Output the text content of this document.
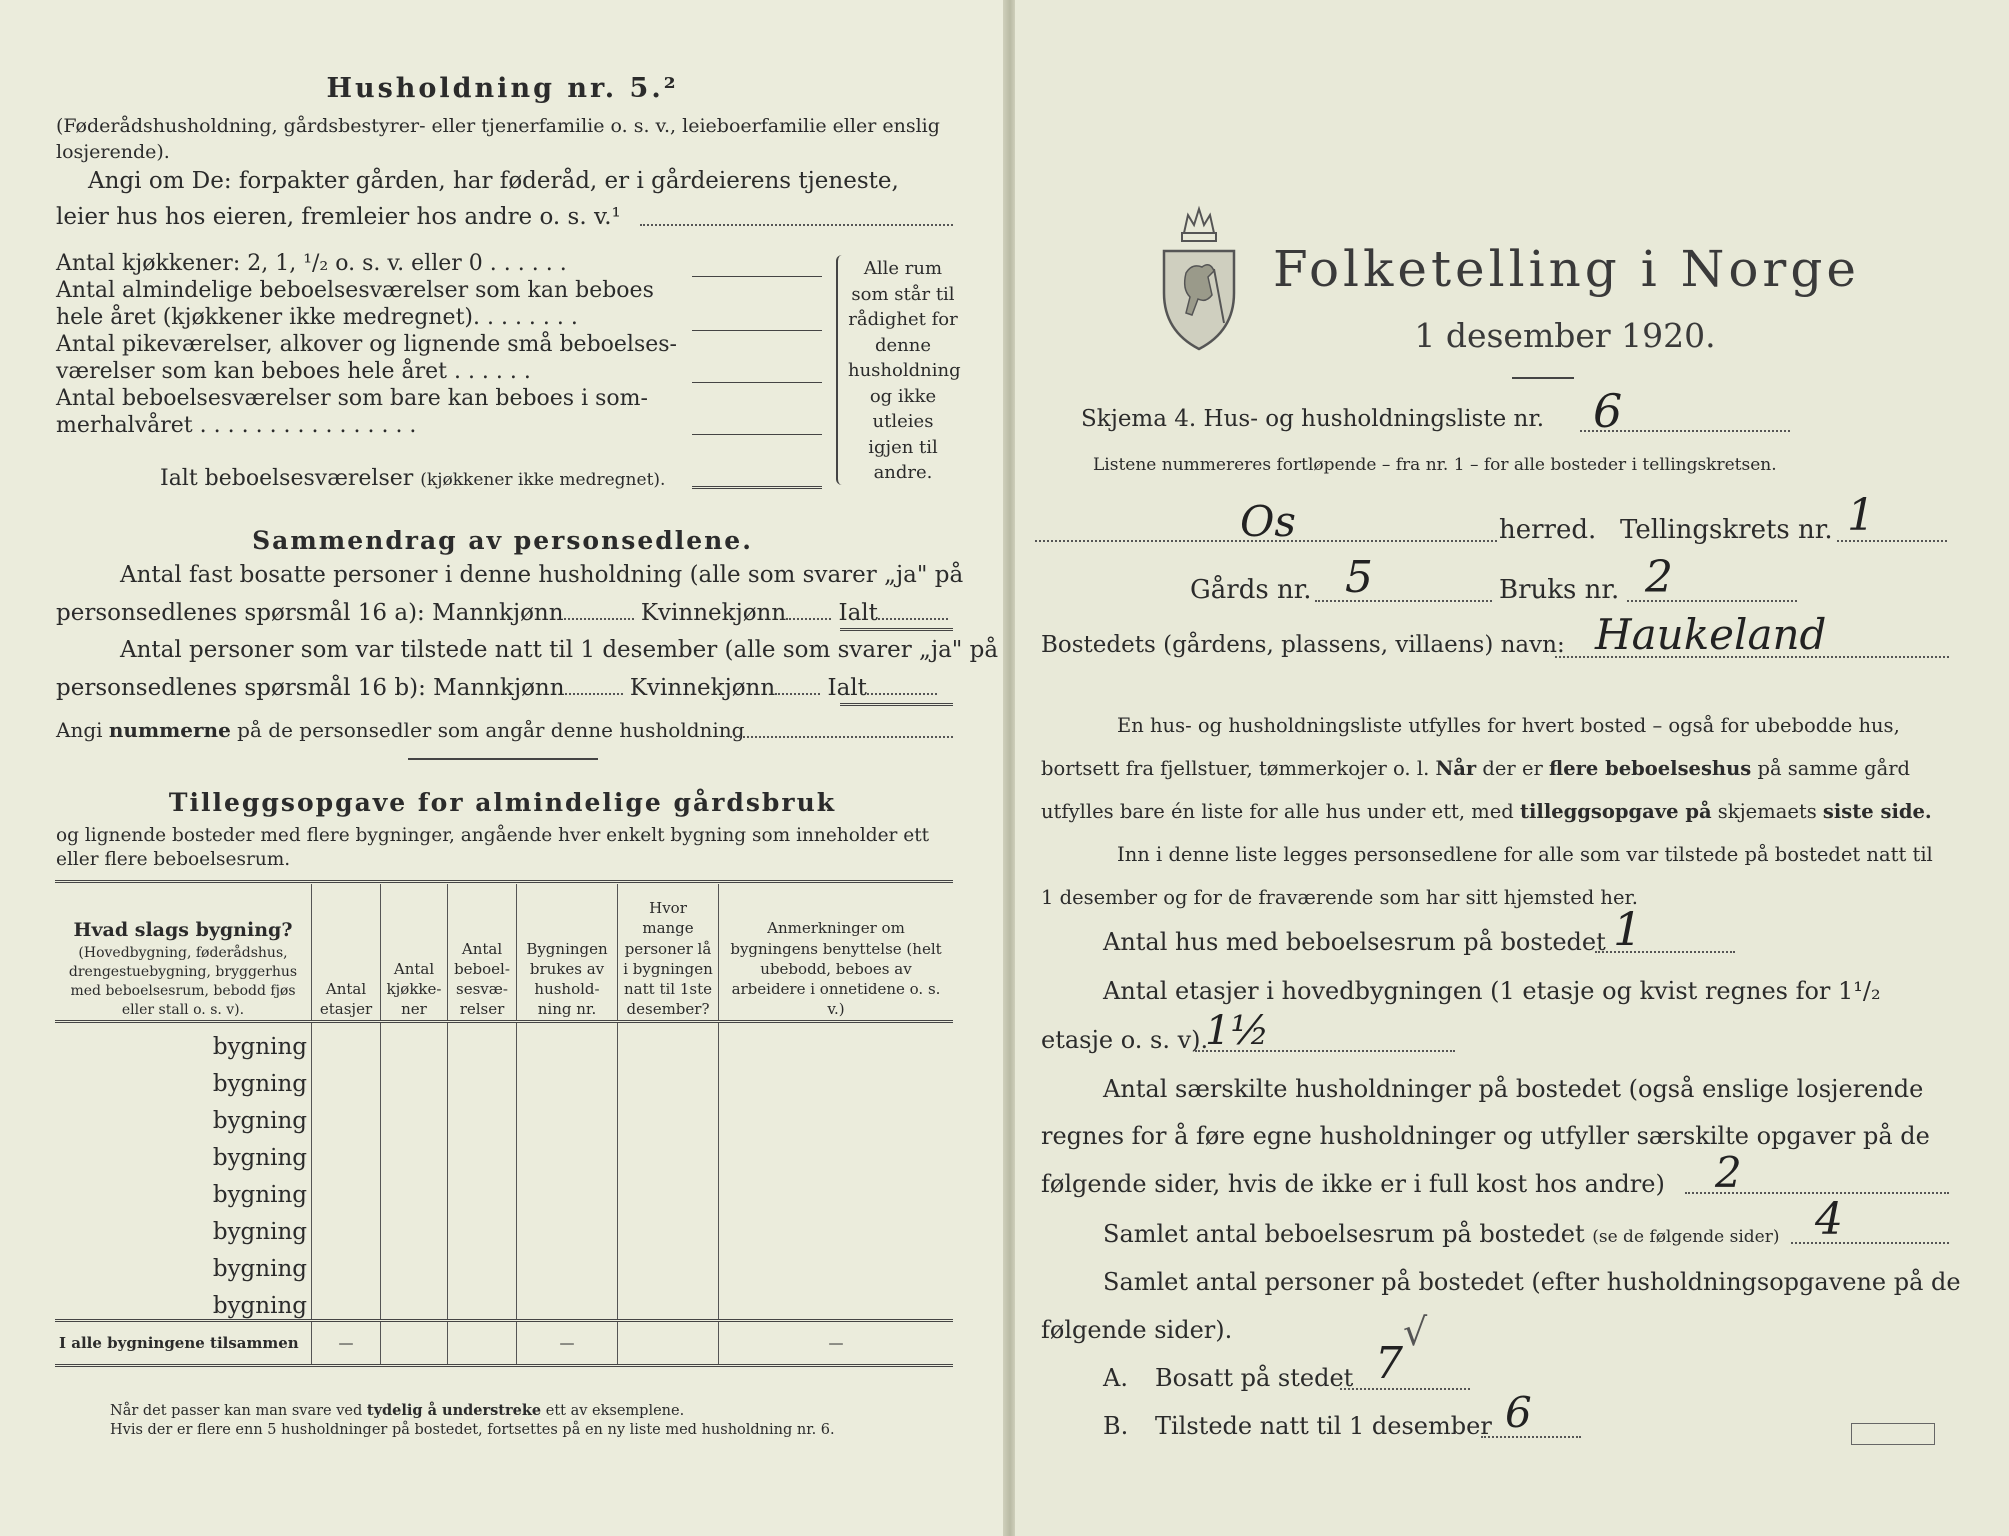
Husholdning nr. 5.²
(Føderådshusholdning, gårdsbestyrer- eller tjenerfamilie o. s. v., leieboerfamilie eller enslig losjerende).
Angi om De: forpakter gården, har føderåd, er i gårdeierens tjeneste,
leier hus hos eieren, fremleier hos andre o. s. v.¹
Antal kjøkkener: 2, 1, ¹/₂ o. s. v. eller 0 . . . . . .
Antal almindelige beboelsesværelser som kan beboes
hele året (kjøkkener ikke medregnet). . . . . . . .
Antal pikeværelser, alkover og lignende små beboelses-
værelser som kan beboes hele året . . . . . .
Antal beboelsesværelser som bare kan beboes i som-
merhalvåret . . . . . . . . . . . . . . . .
Ialt beboelsesværelser (kjøkkener ikke medregnet).
Alle rum som står til rådighet for denne husholdning og ikke utleies igjen til andre.
Sammendrag av personsedlene.
Antal fast bosatte personer i denne husholdning (alle som svarer „ja" på
personsedlenes spørsmål 16 a): Mannkjønn	Kvinnekjønn Ialt
Antal personer som var tilstede natt til 1 desember (alle som svarer „ja" på
personsedlenes spørsmål 16 b): Mannkjønn	Kvinnekjønn Ialt
Angi nummerne på de personsedler som angår denne husholdning
Tilleggsopgave for almindelige gårdsbruk
og lignende bosteder med flere bygninger, angående hver enkelt bygning som inneholder ett eller flere beboelsesrum.
Hvad slags bygning?
(Hovedbygning, føderådshus, drengestuebygning, bryggerhus med beboelsesrum, bebodd fjøs eller stall o. s. v).	Antal etasjer	Antal kjøkke-ner	Antal beboel-sesvæ-relser	Bygningen brukes av hushold-ning nr.	Hvor mange personer lå i bygningen natt til 1ste desember?	Anmerkninger om bygningens benyttelse (helt ubebodd, beboes av arbeidere i onnetidene o. s. v.)

bygning						
bygning						
bygning						
bygning						
bygning						
bygning						
bygning						
bygning						
I alle bygningene tilsammen	—			—		—
Når det passer kan man svare ved tydelig å understreke ett av eksemplene.
Hvis der er flere enn 5 husholdninger på bostedet, fortsettes på en ny liste med husholdning nr. 6.
Folketelling i Norge
1 desember 1920.
Skjema 4. Hus- og husholdningsliste nr. 6
Listene nummereres fortløpende – fra nr. 1 – for alle bosteder i tellingskretsen.
Os	herred. Tellingskrets nr. 1
Gårds nr. 5	Bruks nr. 2
Bostedets (gårdens, plassens, villaens) navn: Haukeland
En hus- og husholdningsliste utfylles for hvert bosted – også for ubebodde hus,
bortsett fra fjellstuer, tømmerkojer o. l. Når der er flere beboelseshus på samme gård
utfylles bare én liste for alle hus under ett, med tilleggsopgave på skjemaets siste side.
Inn i denne liste legges personsedlene for alle som var tilstede på bostedet natt til
1 desember og for de fraværende som har sitt hjemsted her.
Antal hus med beboelsesrum på bostedet 1
Antal etasjer i hovedbygningen (1 etasje og kvist regnes for 1¹/₂
etasje o. s. v).
1½
Antal særskilte husholdninger på bostedet (også enslige losjerende
regnes for å føre egne husholdninger og utfyller særskilte opgaver på de
følgende sider, hvis de ikke er i full kost hos andre) 2
Samlet antal beboelsesrum på bostedet (se de følgende sider) 4
Samlet antal personer på bostedet (efter husholdningsopgavene på de
følgende sider).
A. Bosatt på stedet 7
√
B. Tilstede natt til 1 desember 6
